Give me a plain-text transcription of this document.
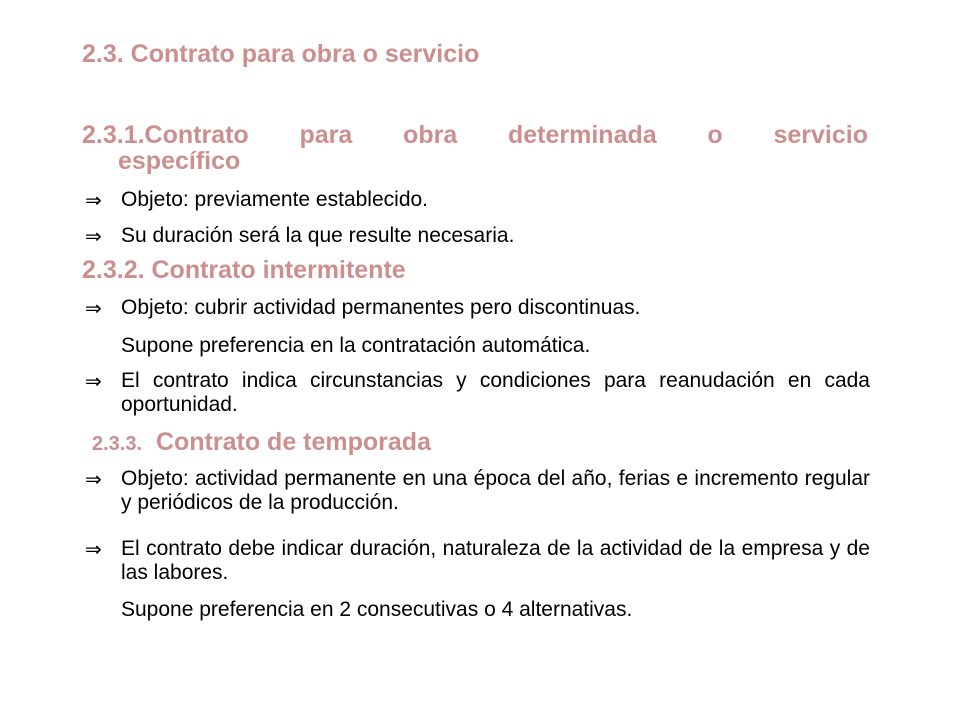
2.3. Contrato para obra o servicio
2.3.1.Contrato para obra determinada o servicio
específico
⇒ Objeto: previamente establecido.
⇒ Su duración será la que resulte necesaria.
2.3.2. Contrato intermitente
⇒ Objeto: cubrir actividad permanentes pero discontinuas.
Supone preferencia en la contratación automática.
⇒ El contrato indica circunstancias y condiciones para reanudación en cada oportunidad.
2.3.3. Contrato de temporada
⇒ Objeto: actividad permanente en una época del año, ferias e incremento regular y periódicos de la producción.
⇒ El contrato debe indicar duración, naturaleza de la actividad de la empresa y de las labores.
Supone preferencia en 2 consecutivas o 4 alternativas.
